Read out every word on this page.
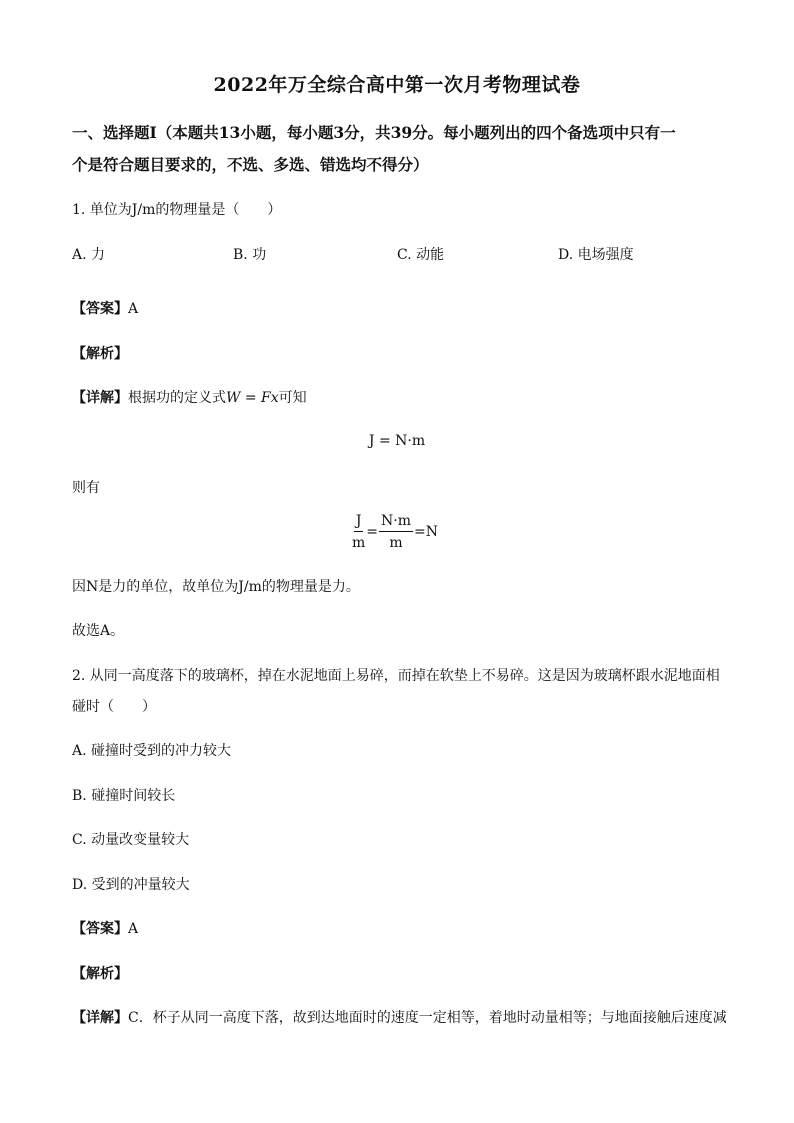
2022年万全综合高中第一次月考物理试卷
一、选择题Ⅰ（本题共13小题，每小题3分，共39分。每小题列出的四个备选项中只有一
个是符合题目要求的，不选、多选、错选均不得分）
1. 单位为J/m的物理量是（　　）
A. 力	B. 功	C. 动能	D. 电场强度
【答案】A
【解析】
【详解】根据功的定义式W = Fx可知
J = N·m
则有
$\frac{J}{m} = \frac{N\cdot m}{m} =N$
因N是力的单位，故单位为J/m的物理量是力。
故选A。
2. 从同一高度落下的玻璃杯，掉在水泥地面上易碎，而掉在软垫上不易碎。这是因为玻璃杯跟水泥地面相
碰时（　　）
A. 碰撞时受到的冲力较大
B. 碰撞时间较长
C. 动量改变量较大
D. 受到的冲量较大
【答案】A
【解析】
【详解】C．杯子从同一高度下落，故到达地面时的速度一定相等，着地时动量相等；与地面接触后速度减
